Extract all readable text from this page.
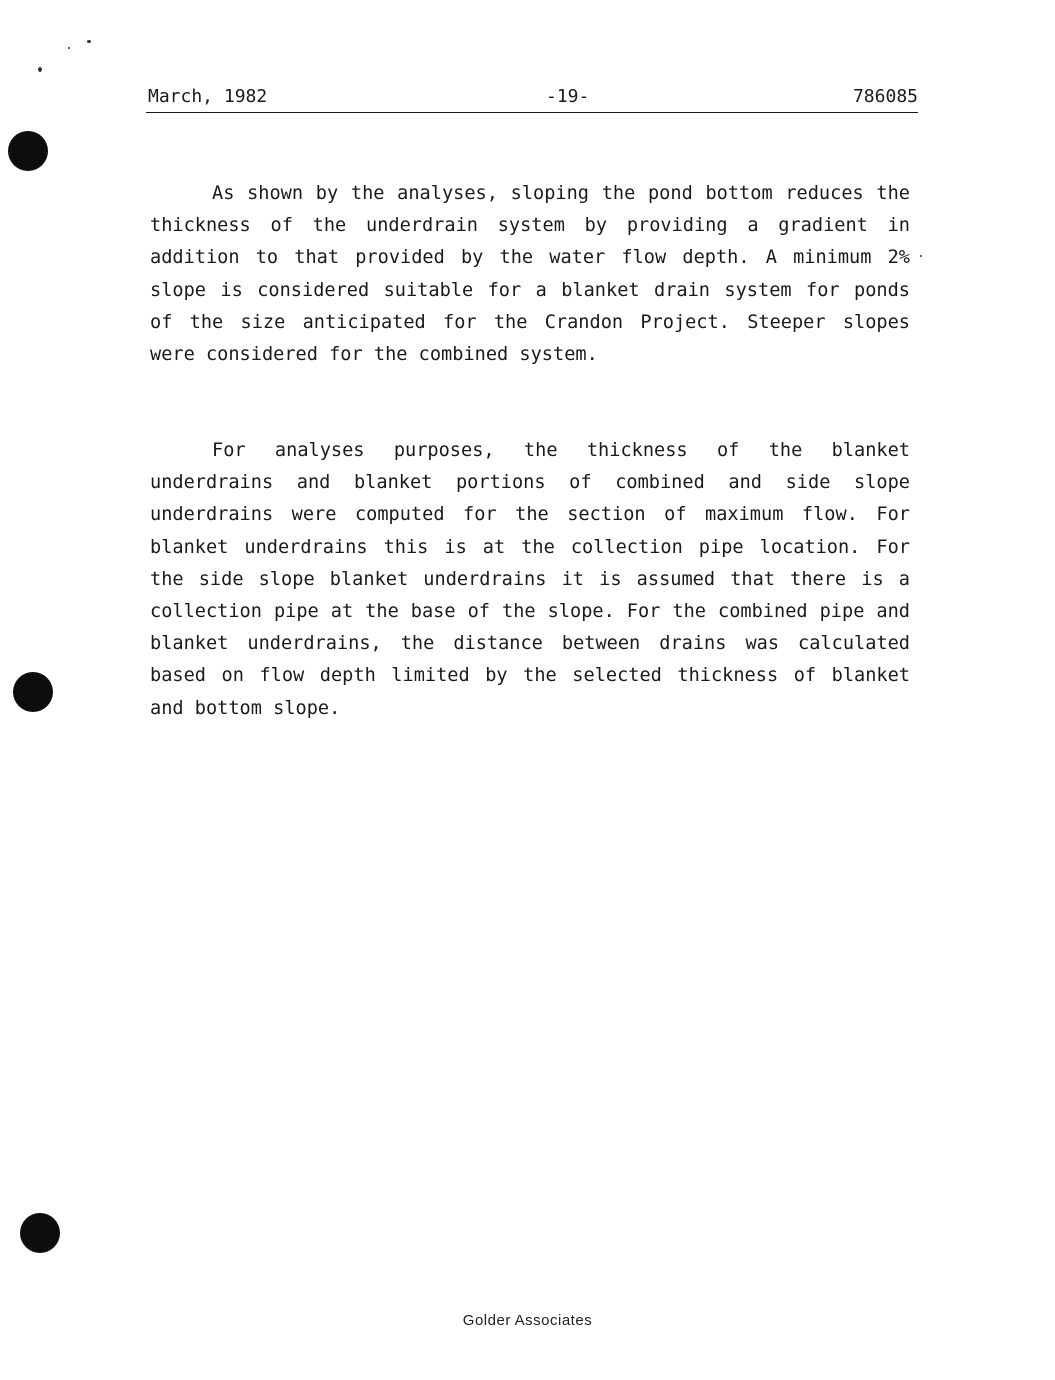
March, 1982	-19-	786085

As shown by the analyses, sloping the pond bottom reduces the thickness of the underdrain system by providing a gradient in addition to that provided by the water flow depth. A minimum 2% slope is considered suitable for a blanket drain system for ponds of the size anticipated for the Crandon Project. Steeper slopes were considered for the combined system.

For analyses purposes, the thickness of the blanket underdrains and blanket portions of combined and side slope underdrains were computed for the section of maximum flow. For blanket underdrains this is at the collection pipe location. For the side slope blanket underdrains it is assumed that there is a collection pipe at the base of the slope. For the combined pipe and blanket underdrains, the distance between drains was calculated based on flow depth limited by the selected thickness of blanket and bottom slope.

Golder Associates
